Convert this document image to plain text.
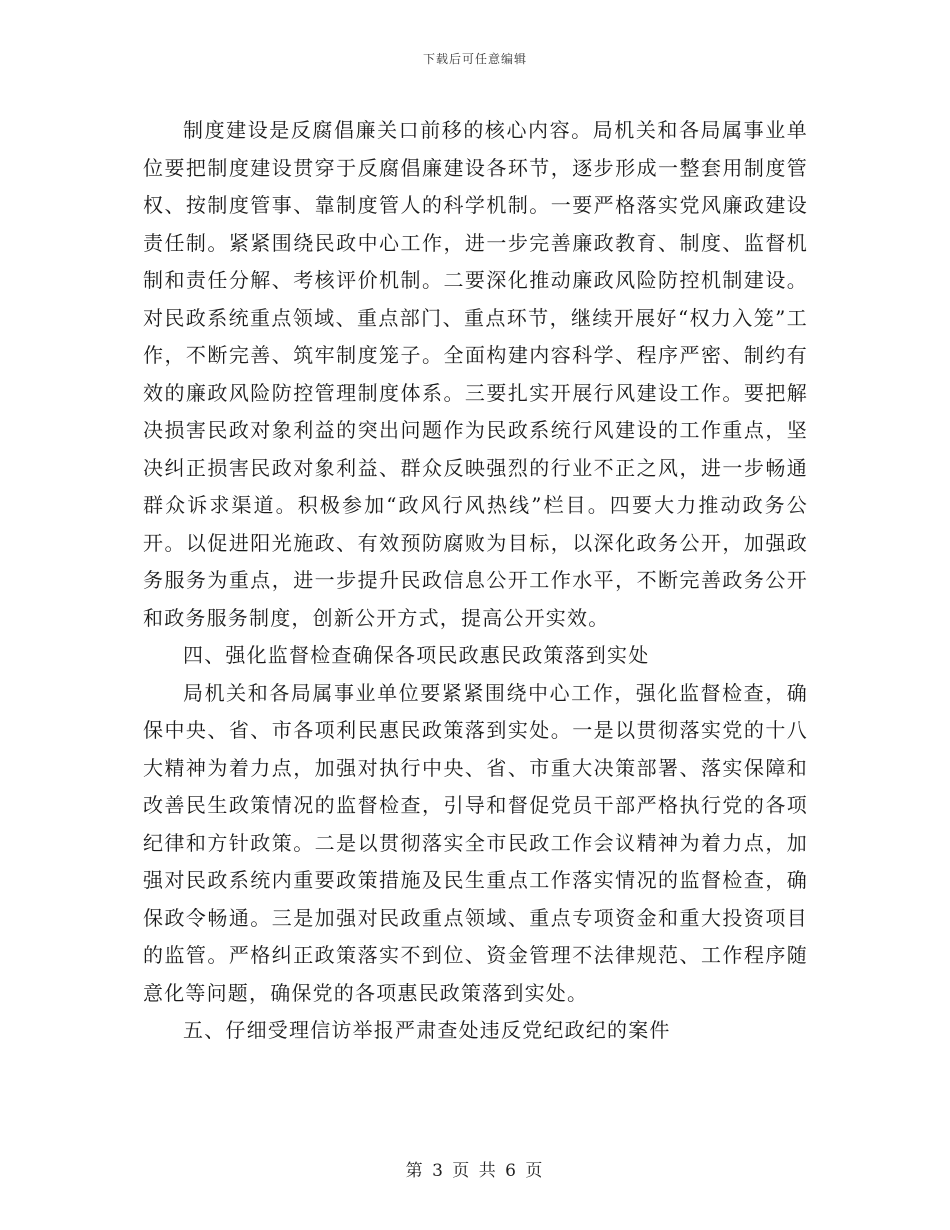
下载后可任意编辑

制度建设是反腐倡廉关口前移的核心内容。局机关和各局属事业单位要把制度建设贯穿于反腐倡廉建设各环节，逐步形成一整套用制度管权、按制度管事、靠制度管人的科学机制。一要严格落实党风廉政建设责任制。紧紧围绕民政中心工作，进一步完善廉政教育、制度、监督机制和责任分解、考核评价机制。二要深化推动廉政风险防控机制建设。对民政系统重点领域、重点部门、重点环节，继续开展好“权力入笼”工作，不断完善、筑牢制度笼子。全面构建内容科学、程序严密、制约有效的廉政风险防控管理制度体系。三要扎实开展行风建设工作。要把解决损害民政对象利益的突出问题作为民政系统行风建设的工作重点，坚决纠正损害民政对象利益、群众反映强烈的行业不正之风，进一步畅通群众诉求渠道。积极参加“政风行风热线”栏目。四要大力推动政务公开。以促进阳光施政、有效预防腐败为目标，以深化政务公开，加强政务服务为重点，进一步提升民政信息公开工作水平，不断完善政务公开和政务服务制度，创新公开方式，提高公开实效。

四、强化监督检查确保各项民政惠民政策落到实处

局机关和各局属事业单位要紧紧围绕中心工作，强化监督检查，确保中央、省、市各项利民惠民政策落到实处。一是以贯彻落实党的十八大精神为着力点，加强对执行中央、省、市重大决策部署、落实保障和改善民生政策情况的监督检查，引导和督促党员干部严格执行党的各项纪律和方针政策。二是以贯彻落实全市民政工作会议精神为着力点，加强对民政系统内重要政策措施及民生重点工作落实情况的监督检查，确保政令畅通。三是加强对民政重点领域、重点专项资金和重大投资项目的监管。严格纠正政策落实不到位、资金管理不法律规范、工作程序随意化等问题，确保党的各项惠民政策落到实处。

五、仔细受理信访举报严肃查处违反党纪政纪的案件

第 3 页 共 6 页
